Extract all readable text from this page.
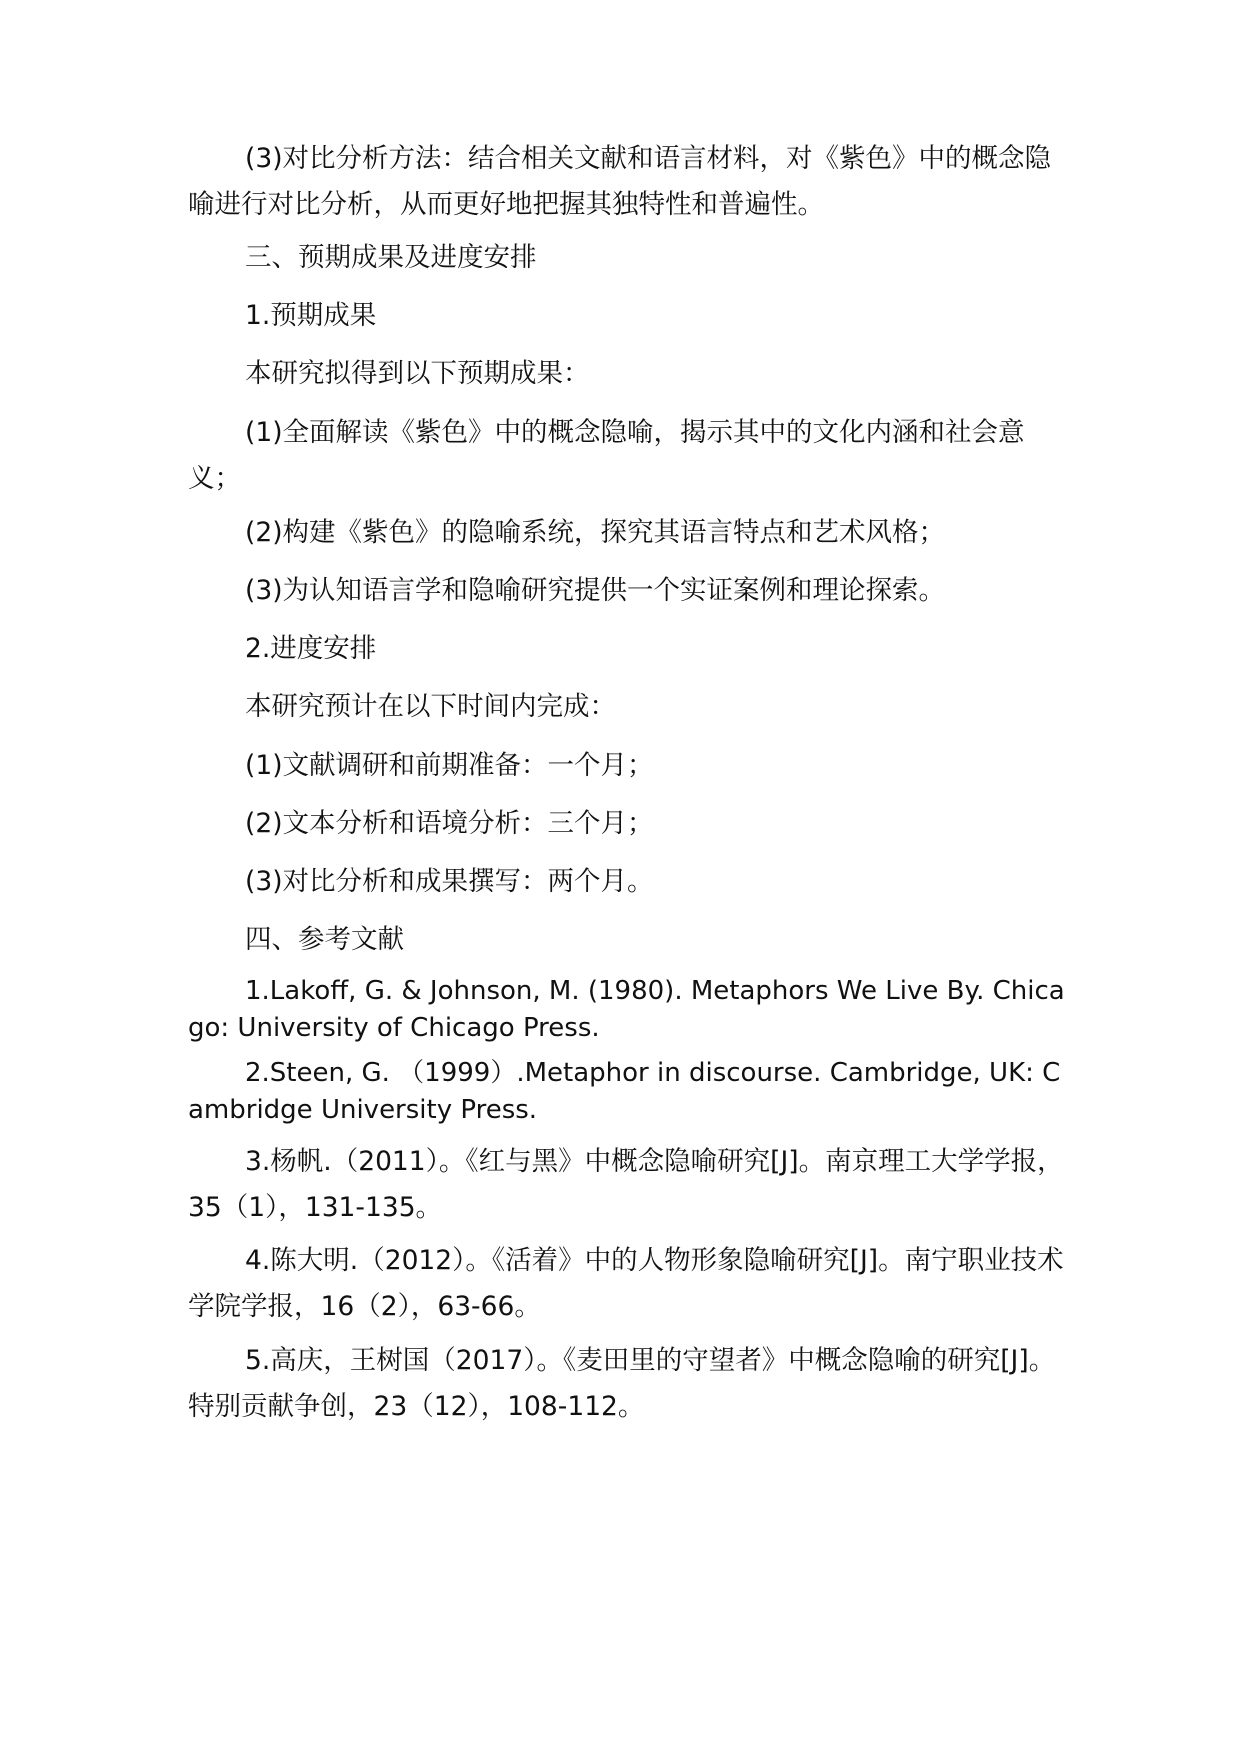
(3)对比分析方法：结合相关文献和语言材料，对《紫色》中的概念隐喻进行对比分析，从而更好地把握其独特性和普遍性。

三、预期成果及进度安排

1.预期成果

本研究拟得到以下预期成果：

(1)全面解读《紫色》中的概念隐喻，揭示其中的文化内涵和社会意义；

(2)构建《紫色》的隐喻系统，探究其语言特点和艺术风格；

(3)为认知语言学和隐喻研究提供一个实证案例和理论探索。

2.进度安排

本研究预计在以下时间内完成：

(1)文献调研和前期准备：一个月；

(2)文本分析和语境分析：三个月；

(3)对比分析和成果撰写：两个月。

四、参考文献

1.Lakoff, G. & Johnson, M. (1980). Metaphors We Live By. Chicago: University of Chicago Press.

2.Steen, G. （1999）.Metaphor in discourse. Cambridge, UK: Cambridge University Press.

3.杨帆.（2011）。《红与黑》中概念隐喻研究[J]。南京理工大学学报，35（1），131-135。

4.陈大明.（2012）。《活着》中的人物形象隐喻研究[J]。南宁职业技术学院学报，16（2），63-66。

5.高庆，王树国（2017）。《麦田里的守望者》中概念隐喻的研究[J]。特别贡献争创，23（12），108-112。
